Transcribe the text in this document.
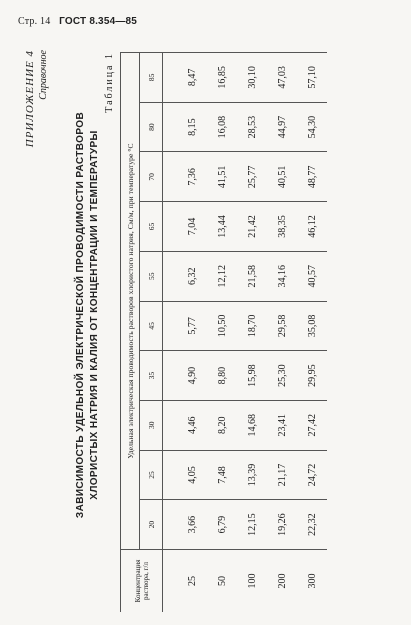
Стр. 14 ГОСТ 8.354—85
ПРИЛОЖЕНИЕ 4 Справочное
ЗАВИСИМОСТЬ УДЕЛЬНОЙ ЭЛЕКТРИЧЕСКОЙ ПРОВОДИМОСТИ РАСТВОРОВ ХЛОРИСТЫХ НАТРИЯ И КАЛИЯ ОТ КОНЦЕНТРАЦИИ И ТЕМПЕРАТУРЫ
Таблица 1
Концентрация раствора, г/л	Удельная электрическая проводимость растворов хлористого натрия, См/м, при температуре °С									
	20	25	30	35	45	55	65	70	80	85
25	3,66	4,05	4,46	4,90	5,77	6,32	7,04	7,36	8,15	8,47
50	6,79	7,48	8,20	8,80	10,50	12,12	13,44	41,51	16,08	16,85
100	12,15	13,39	14,68	15,98	18,70	21,58	21,42	25,77	28,53	30,10
200	19,26	21,17	23,41	25,30	29,58	34,16	38,35	40,51	44,97	47,03
300	22,32	24,72	27,42	29,95	35,08	40,57	46,12	48,77	54,30	57,10
